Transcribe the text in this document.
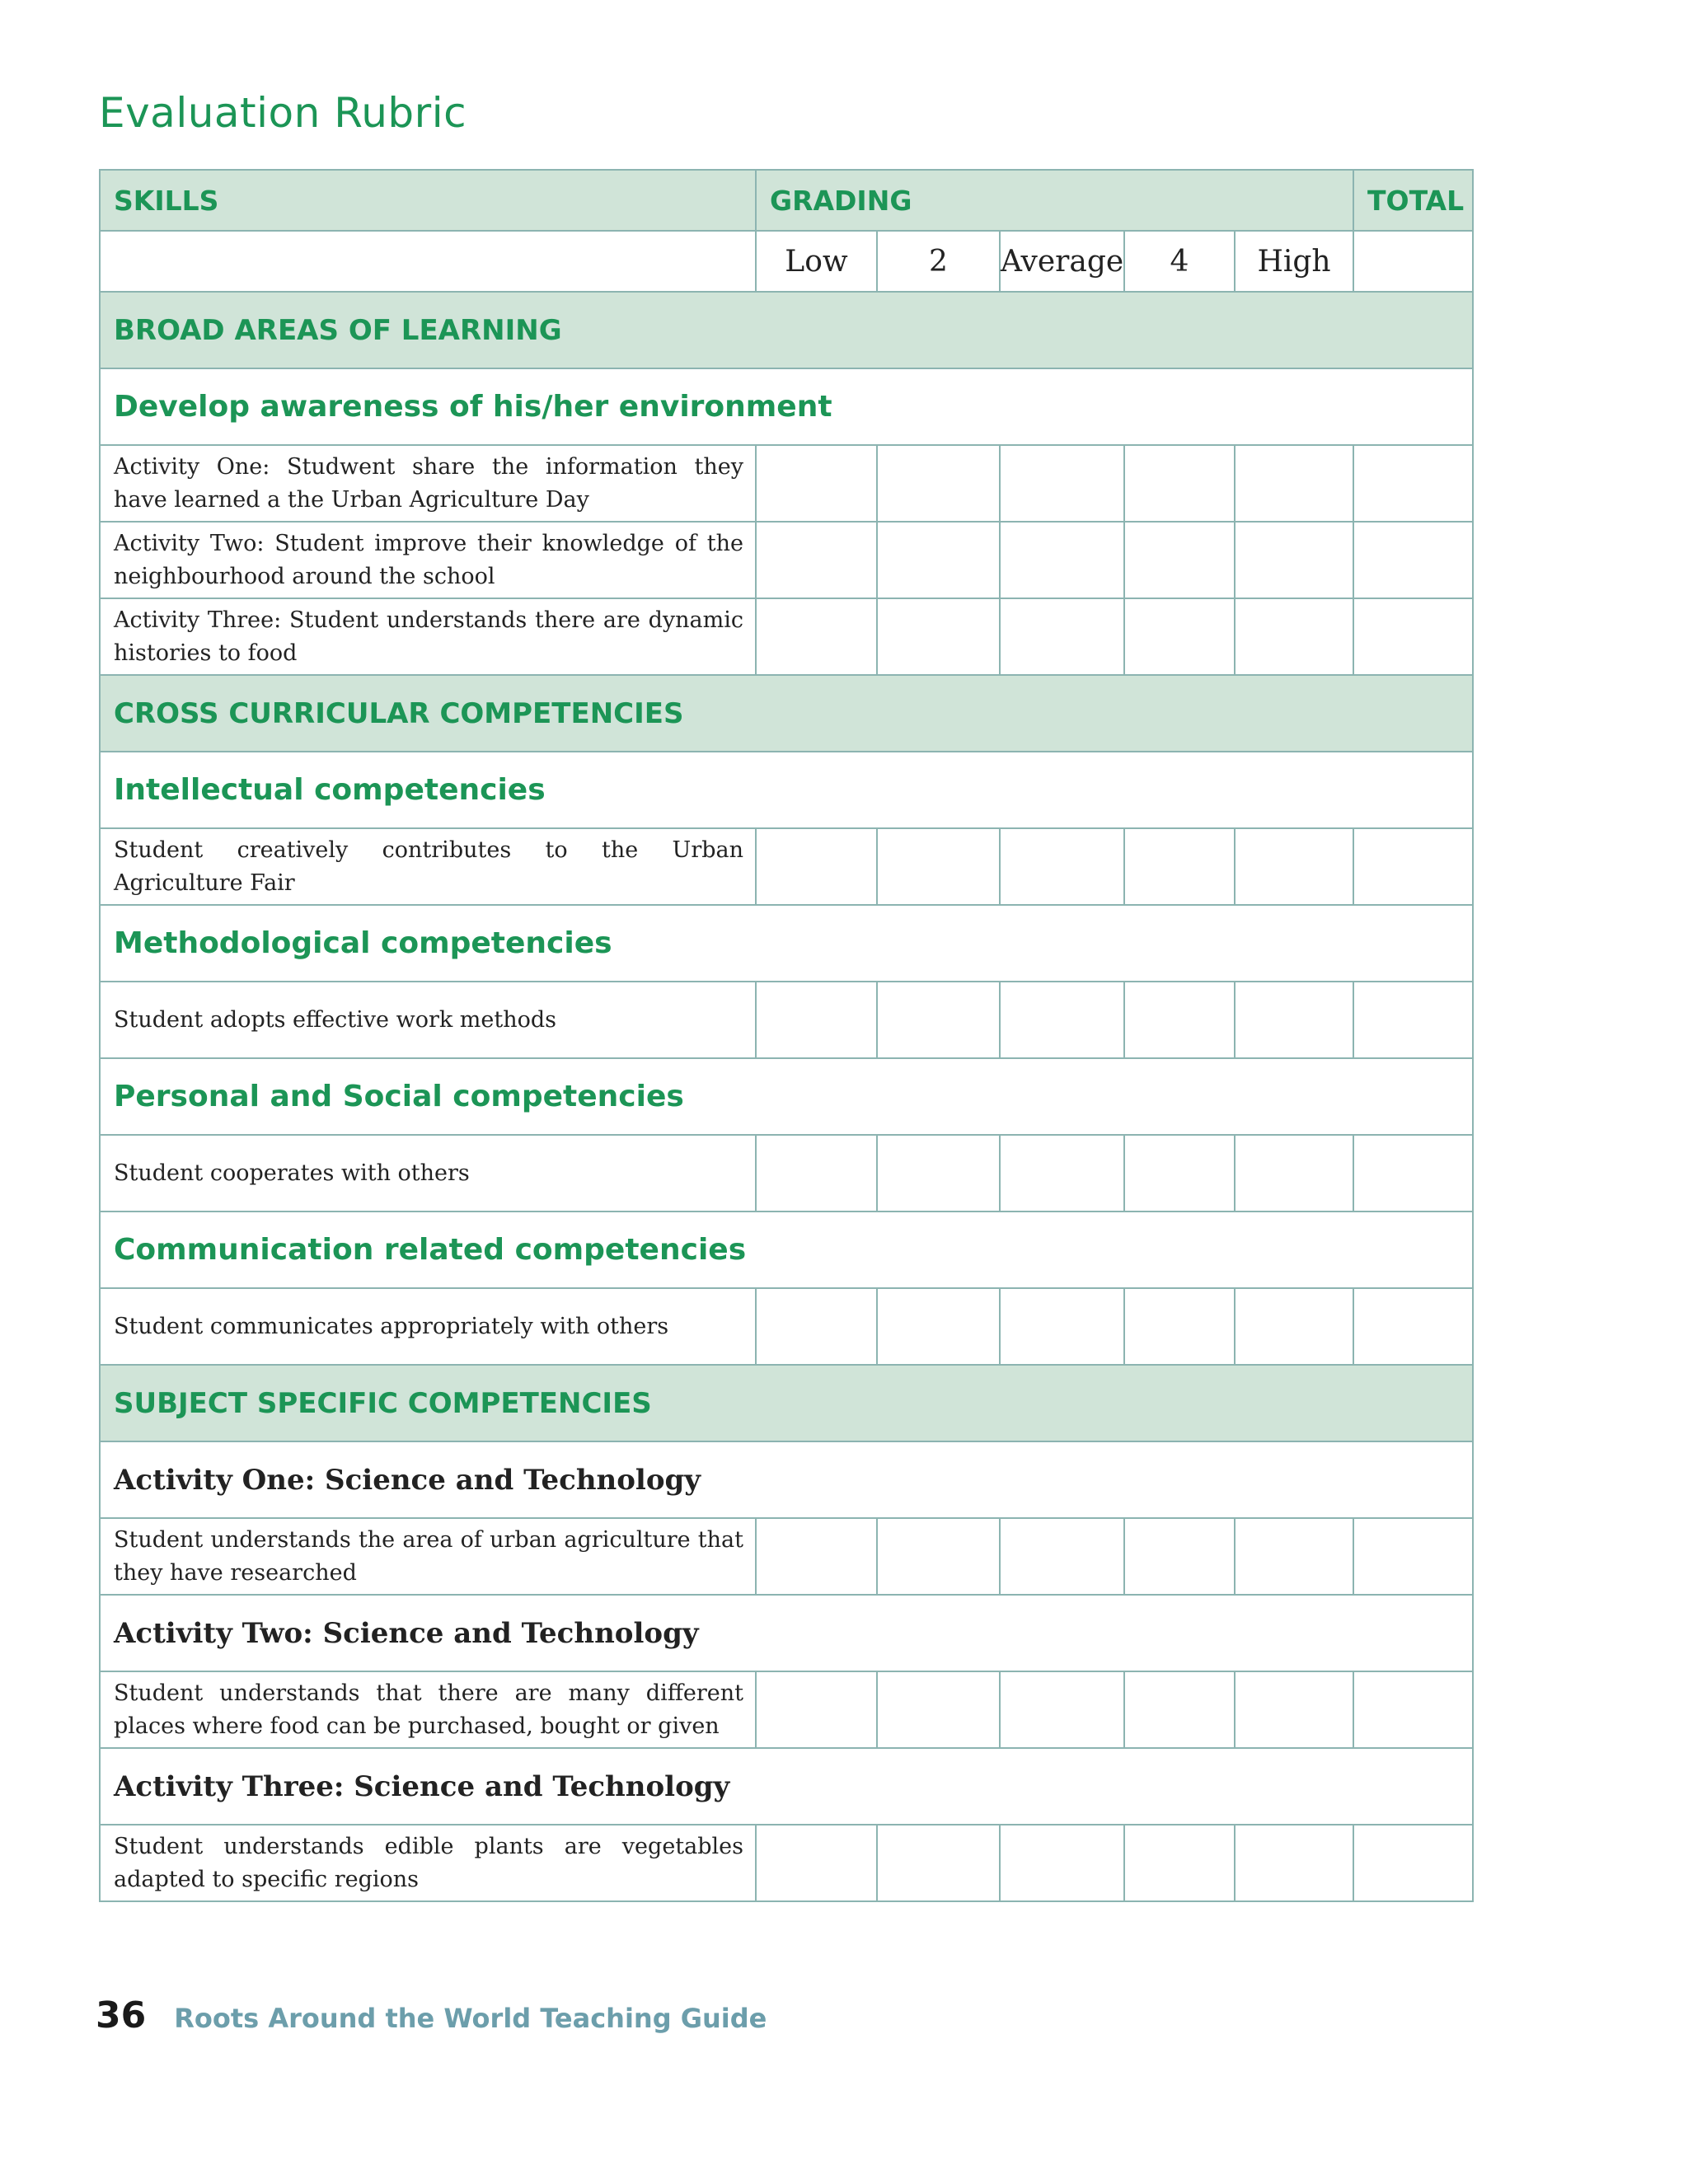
Evaluation Rubric
SKILLS	GRADING					TOTAL
	Low	2	Average	4	High	
BROAD AREAS OF LEARNING						
Develop awareness of his/her environment						
Activity One: Studwent share the information they have learned a the Urban Agriculture Day						
Activity Two: Student improve their knowledge of the neighbourhood around the school						
Activity Three: Student understands there are dynamic histories to food						
CROSS CURRICULAR COMPETENCIES						
Intellectual competencies						
Student creatively contributes to the Urban Agriculture Fair						
Methodological competencies						
Student adopts effective work methods						
Personal and Social competencies						
Student cooperates with others						
Communication related competencies						
Student communicates appropriately with others						
SUBJECT SPECIFIC COMPETENCIES						
Activity One: Science and Technology						
Student understands the area of urban agriculture that they have researched						
Activity Two: Science and Technology						
Student understands that there are many different places where food can be purchased, bought or given						
Activity Three: Science and Technology						
Student understands edible plants are vegetables adapted to specific regions						
36 Roots Around the World Teaching Guide
